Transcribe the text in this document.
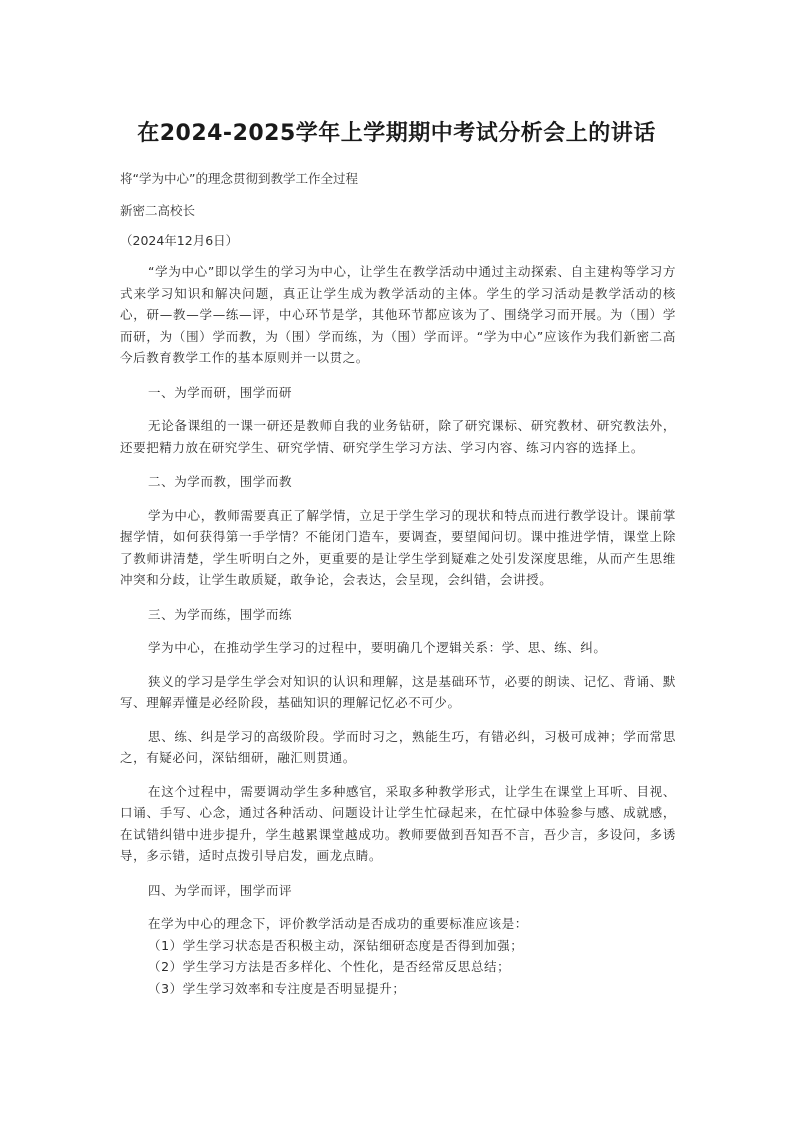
在2024-2025学年上学期期中考试分析会上的讲话
将“学为中心”的理念贯彻到教学工作全过程
新密二高校长
（2024年12月6日）

“学为中心”即以学生的学习为中心，让学生在教学活动中通过主动探索、自主建构等学习方式来学习知识和解决问题，真正让学生成为教学活动的主体。学生的学习活动是教学活动的核心，研—教—学—练—评，中心环节是学，其他环节都应该为了、围绕学习而开展。为（围）学而研，为（围）学而教，为（围）学而练，为（围）学而评。“学为中心”应该作为我们新密二高今后教育教学工作的基本原则并一以贯之。

一、为学而研，围学而研

无论备课组的一课一研还是教师自我的业务钻研，除了研究课标、研究教材、研究教法外，还要把精力放在研究学生、研究学情、研究学生学习方法、学习内容、练习内容的选择上。

二、为学而教，围学而教

学为中心，教师需要真正了解学情，立足于学生学习的现状和特点而进行教学设计。课前掌握学情，如何获得第一手学情？不能闭门造车，要调查，要望闻问切。课中推进学情，课堂上除了教师讲清楚，学生听明白之外，更重要的是让学生学到疑难之处引发深度思维，从而产生思维冲突和分歧，让学生敢质疑，敢争论，会表达，会呈现，会纠错，会讲授。

三、为学而练，围学而练

学为中心，在推动学生学习的过程中，要明确几个逻辑关系：学、思、练、纠。

狭义的学习是学生学会对知识的认识和理解，这是基础环节，必要的朗读、记忆、背诵、默写、理解弄懂是必经阶段，基础知识的理解记忆必不可少。

思、练、纠是学习的高级阶段。学而时习之，熟能生巧，有错必纠，习极可成神；学而常思之，有疑必问，深钻细研，融汇则贯通。

在这个过程中，需要调动学生多种感官，采取多种教学形式，让学生在课堂上耳听、目视、口诵、手写、心念，通过各种活动、问题设计让学生忙碌起来，在忙碌中体验参与感、成就感，在试错纠错中进步提升，学生越累课堂越成功。教师要做到吾知吾不言，吾少言，多设问，多诱导，多示错，适时点拨引导启发，画龙点睛。

四、为学而评，围学而评

在学为中心的理念下，评价教学活动是否成功的重要标准应该是：

（1）学生学习状态是否积极主动，深钻细研态度是否得到加强；

（2）学生学习方法是否多样化、个性化，是否经常反思总结；

（3）学生学习效率和专注度是否明显提升；
